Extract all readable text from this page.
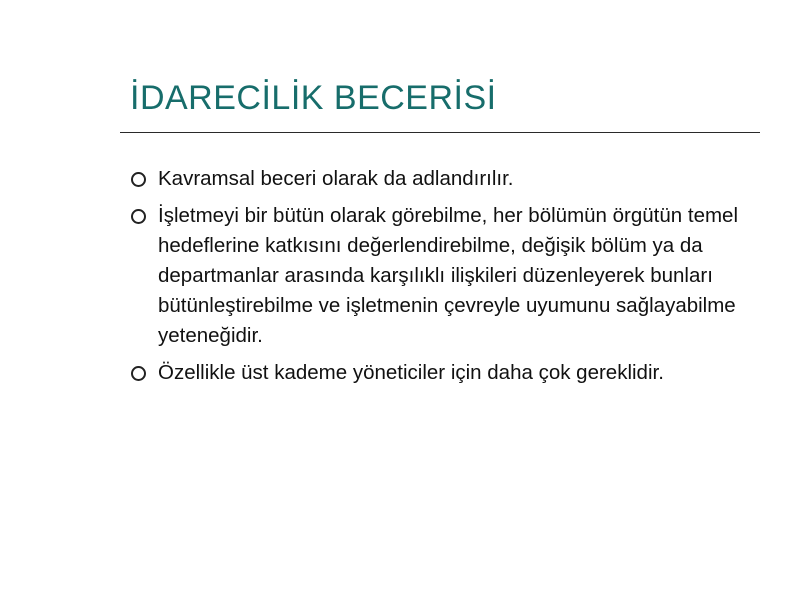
İDARECİLİK BECERİSİ
Kavramsal beceri olarak da adlandırılır.
İşletmeyi bir bütün olarak görebilme, her bölümün örgütün temel hedeflerine katkısını değerlendirebilme, değişik bölüm ya da departmanlar arasında karşılıklı ilişkileri düzenleyerek bunları bütünleştirebilme ve işletmenin çevreyle uyumunu sağlayabilme yeteneğidir.
Özellikle üst kademe yöneticiler için daha çok gereklidir.
